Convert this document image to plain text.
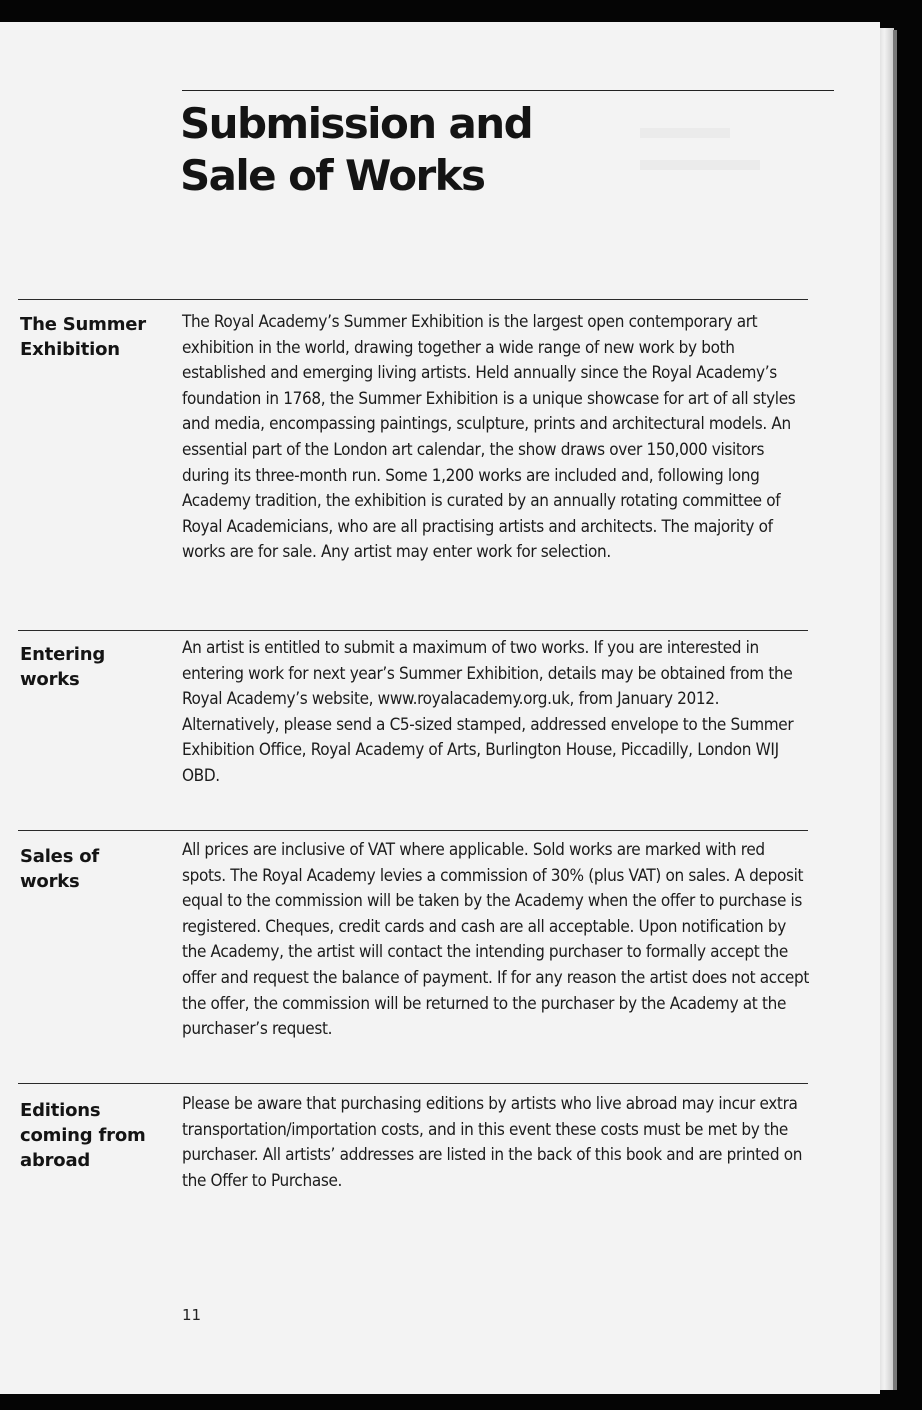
Submission and
Sale of Works
The Summer
Exhibition

The Royal Academy’s Summer Exhibition is the largest open contemporary art exhibition in the world, drawing together a wide range of new work by both established and emerging living artists. Held annually since the Royal Academy’s foundation in 1768, the Summer Exhibition is a unique showcase for art of all styles and media, encompassing paintings, sculpture, prints and architectural models. An essential part of the London art calendar, the show draws over 150,000 visitors during its three-month run. Some 1,200 works are included and, following long Academy tradition, the exhibition is curated by an annually rotating committee of Royal Academicians, who are all practising artists and architects. The majority of works are for sale. Any artist may enter work for selection.

Entering
works

An artist is entitled to submit a maximum of two works. If you are interested in entering work for next year’s Summer Exhibition, details may be obtained from the Royal Academy’s website, www.royalacademy.org.uk, from January 2012. Alternatively, please send a C5-sized stamped, addressed envelope to the Summer Exhibition Office, Royal Academy of Arts, Burlington House, Piccadilly, London WIJ OBD.

Sales of
works

All prices are inclusive of VAT where applicable. Sold works are marked with red spots. The Royal Academy levies a commission of 30% (plus VAT) on sales. A deposit equal to the commission will be taken by the Academy when the offer to purchase is registered. Cheques, credit cards and cash are all acceptable. Upon notification by the Academy, the artist will contact the intending purchaser to formally accept the offer and request the balance of payment. If for any reason the artist does not accept the offer, the commission will be returned to the purchaser by the Academy at the purchaser’s request.

Editions
coming from
abroad

Please be aware that purchasing editions by artists who live abroad may incur extra transportation/importation costs, and in this event these costs must be met by the purchaser. All artists’ addresses are listed in the back of this book and are printed on the Offer to Purchase.

11
